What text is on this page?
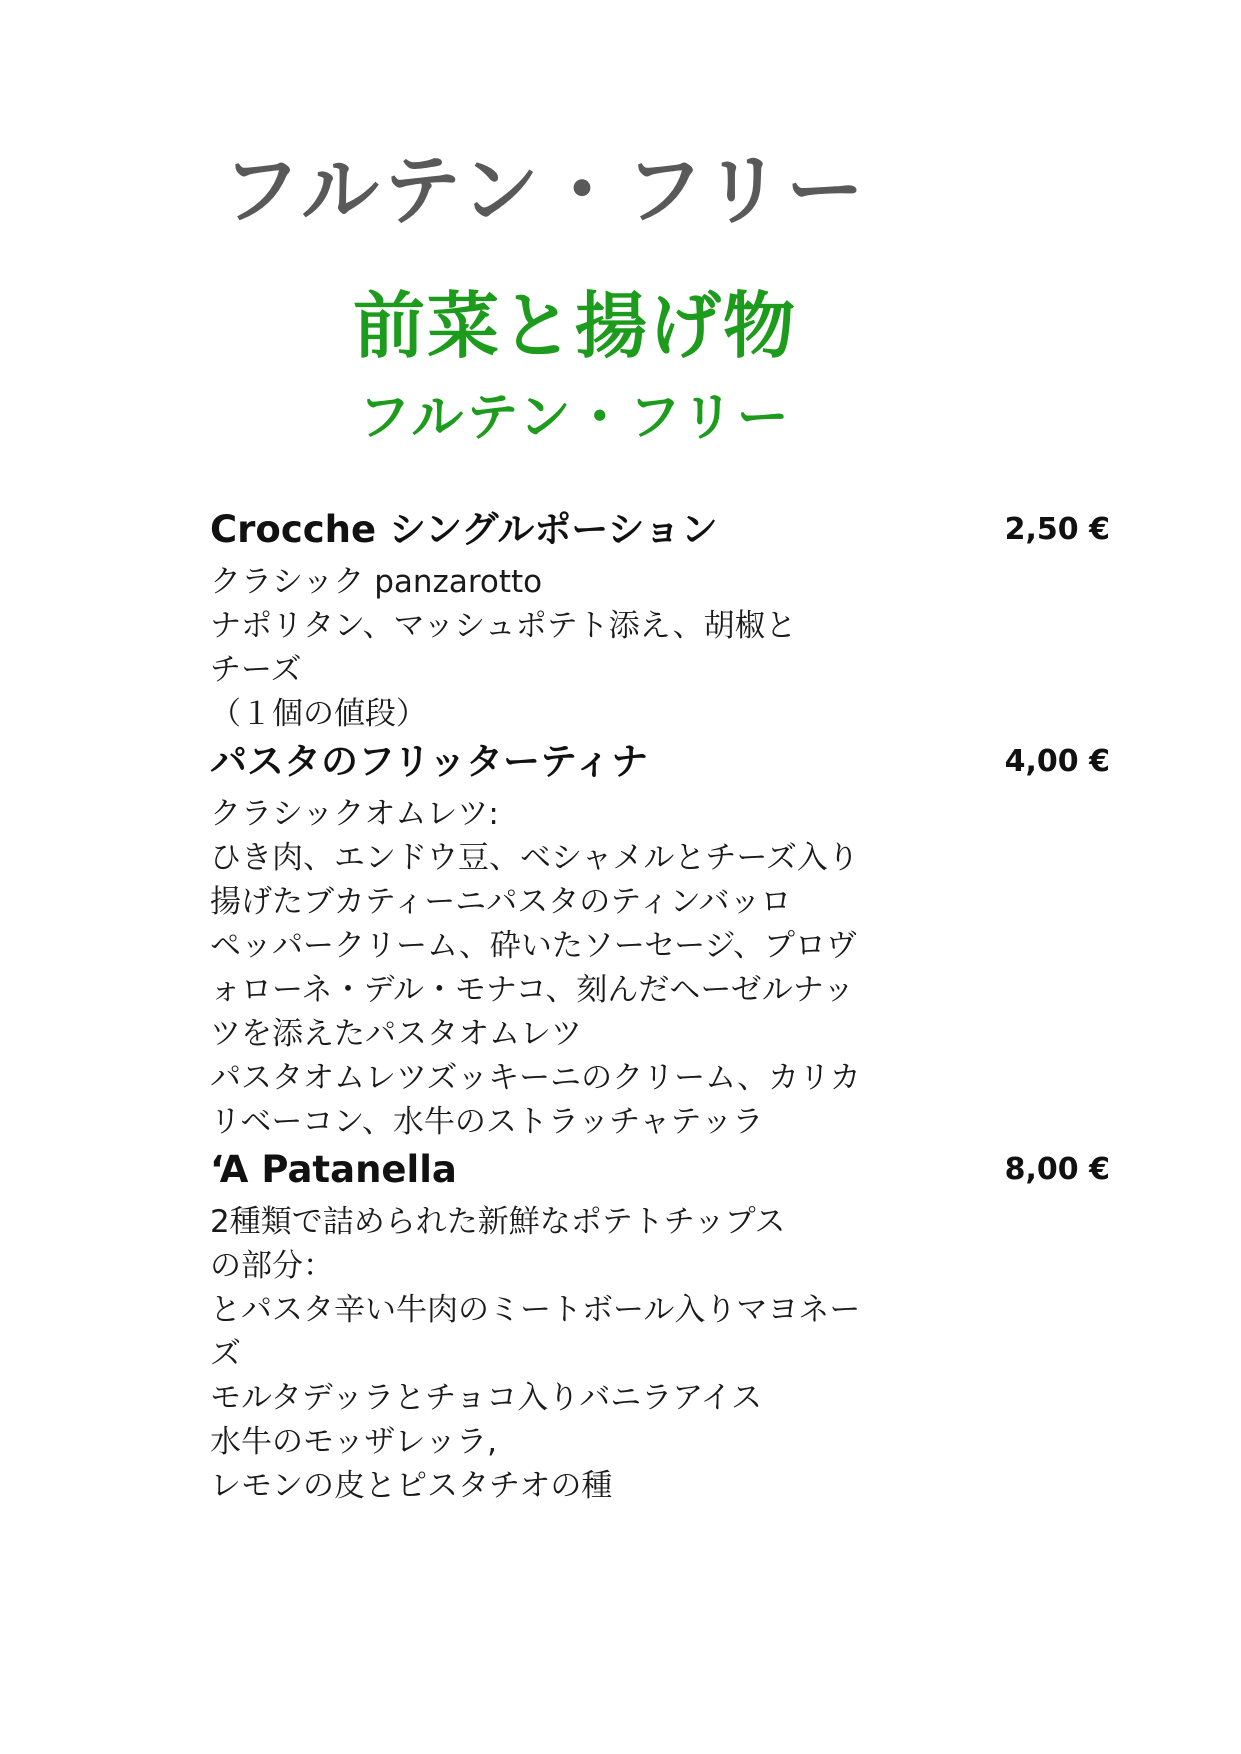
フルテン・フリー
前菜と揚げ物
フルテン・フリー
Crocche シングルポーション	2,50 €
クラシック panzarotto
ナポリタン、マッシュポテト添え、胡椒と
チーズ
（１個の値段）
パスタのフリッターティナ	4,00 €
クラシックオムレツ:
ひき肉、エンドウ豆、ベシャメルとチーズ入り
揚げたブカティーニパスタのティンバッロ
ペッパークリーム、砕いたソーセージ、プロヴ
ォローネ・デル・モナコ、刻んだヘーゼルナッ
ツを添えたパスタオムレツ
パスタオムレツズッキーニのクリーム、カリカ
リベーコン、水牛のストラッチャテッラ
‘A Patanella	8,00 €
2種類で詰められた新鮮なポテトチップス
の部分：
とパスタ辛い牛肉のミートボール入りマヨネー
ズ
モルタデッラとチョコ入りバニラアイス
水牛のモッザレッラ,
レモンの皮とピスタチオの種
